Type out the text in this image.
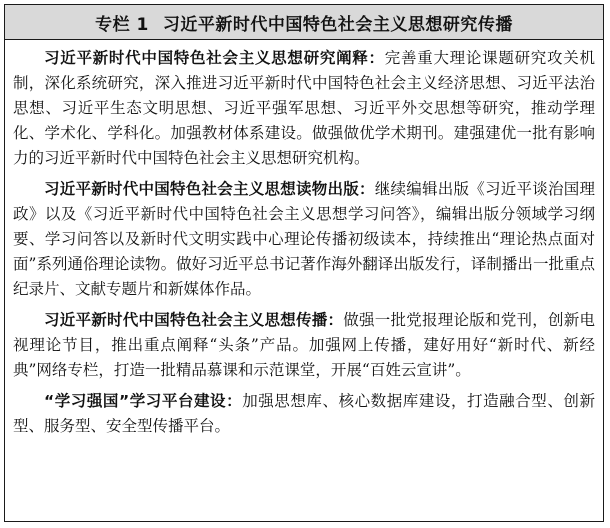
专栏 1 习近平新时代中国特色社会主义思想研究传播

习近平新时代中国特色社会主义思想研究阐释：完善重大理论课题研究攻关机制，深化系统研究，深入推进习近平新时代中国特色社会主义经济思想、习近平法治思想、习近平生态文明思想、习近平强军思想、习近平外交思想等研究，推动学理化、学术化、学科化。加强教材体系建设。做强做优学术期刊。建强建优一批有影响力的习近平新时代中国特色社会主义思想研究机构。

习近平新时代中国特色社会主义思想读物出版：继续编辑出版《习近平谈治国理政》以及《习近平新时代中国特色社会主义思想学习问答》，编辑出版分领域学习纲要、学习问答以及新时代文明实践中心理论传播初级读本，持续推出“理论热点面对面”系列通俗理论读物。做好习近平总书记著作海外翻译出版发行，译制播出一批重点纪录片、文献专题片和新媒体作品。

习近平新时代中国特色社会主义思想传播：做强一批党报理论版和党刊，创新电视理论节目，推出重点阐释“头条”产品。加强网上传播，建好用好“新时代、新经典”网络专栏，打造一批精品慕课和示范课堂，开展“百姓云宣讲”。

“学习强国”学习平台建设：加强思想库、核心数据库建设，打造融合型、创新型、服务型、安全型传播平台。
